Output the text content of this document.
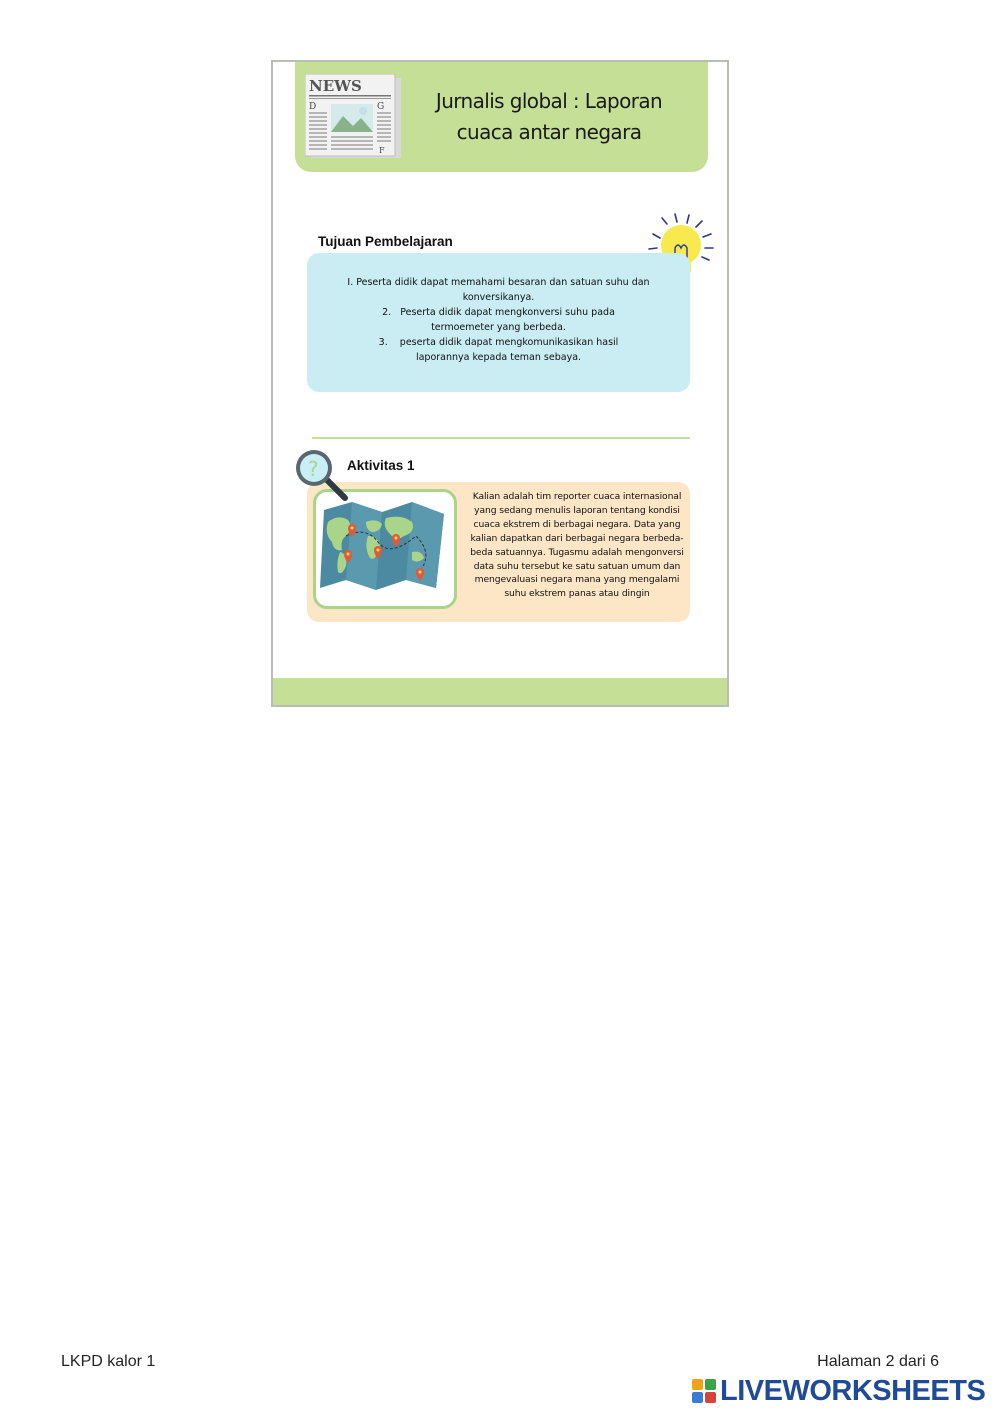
NEWS
D	G
F
Jurnalis global : Laporan cuaca antar negara
Tujuan Pembelajaran
I. Peserta didik dapat memahami besaran dan satuan suhu dan konversikanya.
2.   Peserta didik dapat mengkonversi suhu pada termoemeter yang berbeda.
3.    peserta didik dapat mengkomunikasikan hasil laporannya kepada teman sebaya.
Kalian adalah tim reporter cuaca internasional yang sedang menulis laporan tentang kondisi cuaca ekstrem di berbagai negara. Data yang kalian dapatkan dari berbagai negara berbeda-beda satuannya. Tugasmu adalah mengonversi data suhu tersebut ke satu satuan umum dan mengevaluasi negara mana yang mengalami suhu ekstrem panas atau dingin
? Aktivitas 1
LKPD kalor 1	Halaman 2 dari 6
LIVEWORKSHEETS
